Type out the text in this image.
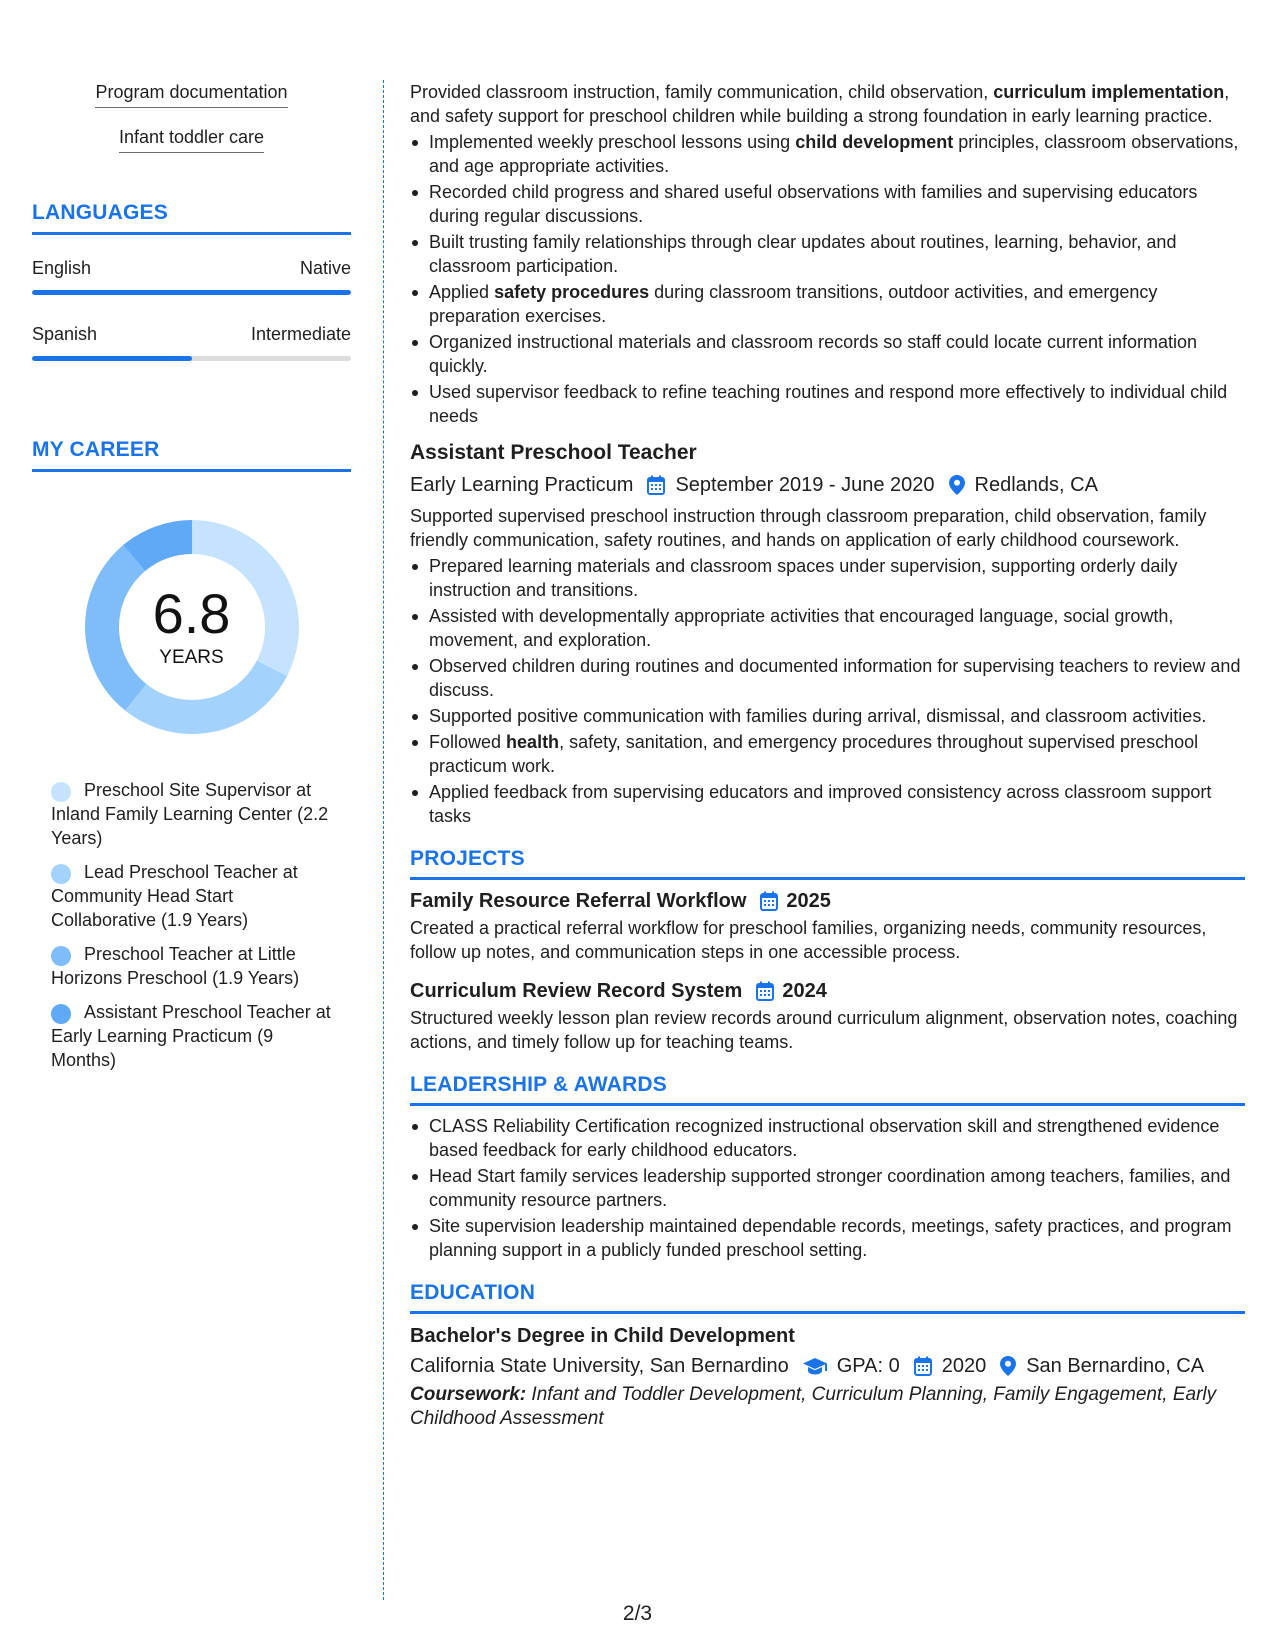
Program documentation
Infant toddler care
LANGUAGES
English	Native
Spanish	Intermediate
MY CAREER
6.8
YEARS
Preschool Site Supervisor at Inland Family Learning Center (2.2 Years)
Lead Preschool Teacher at Community Head Start Collaborative (1.9 Years)
Preschool Teacher at Little Horizons Preschool (1.9 Years)
Assistant Preschool Teacher at Early Learning Practicum (9 Months)
Provided classroom instruction, family communication, child observation, curriculum implementation, and safety support for preschool children while building a strong foundation in early learning practice.
Implemented weekly preschool lessons using child development principles, classroom observations, and age appropriate activities.
Recorded child progress and shared useful observations with families and supervising educators during regular discussions.
Built trusting family relationships through clear updates about routines, learning, behavior, and classroom participation.
Applied safety procedures during classroom transitions, outdoor activities, and emergency preparation exercises.
Organized instructional materials and classroom records so staff could locate current information quickly.
Used supervisor feedback to refine teaching routines and respond more effectively to individual child needs
Assistant Preschool Teacher
Early Learning Practicum September 2019 - June 2020 Redlands, CA
Supported supervised preschool instruction through classroom preparation, child observation, family friendly communication, safety routines, and hands on application of early childhood coursework.
Prepared learning materials and classroom spaces under supervision, supporting orderly daily instruction and transitions.
Assisted with developmentally appropriate activities that encouraged language, social growth, movement, and exploration.
Observed children during routines and documented information for supervising teachers to review and discuss.
Supported positive communication with families during arrival, dismissal, and classroom activities.
Followed health, safety, sanitation, and emergency procedures throughout supervised preschool practicum work.
Applied feedback from supervising educators and improved consistency across classroom support tasks
PROJECTS
Family Resource Referral Workflow 2025
Created a practical referral workflow for preschool families, organizing needs, community resources, follow up notes, and communication steps in one accessible process.
Curriculum Review Record System 2024
Structured weekly lesson plan review records around curriculum alignment, observation notes, coaching actions, and timely follow up for teaching teams.
LEADERSHIP & AWARDS
CLASS Reliability Certification recognized instructional observation skill and strengthened evidence based feedback for early childhood educators.
Head Start family services leadership supported stronger coordination among teachers, families, and community resource partners.
Site supervision leadership maintained dependable records, meetings, safety practices, and program planning support in a publicly funded preschool setting.
EDUCATION
Bachelor's Degree in Child Development
California State University, San Bernardino GPA: 0 2020 San Bernardino, CA
Coursework: Infant and Toddler Development, Curriculum Planning, Family Engagement, Early Childhood Assessment
2/3
